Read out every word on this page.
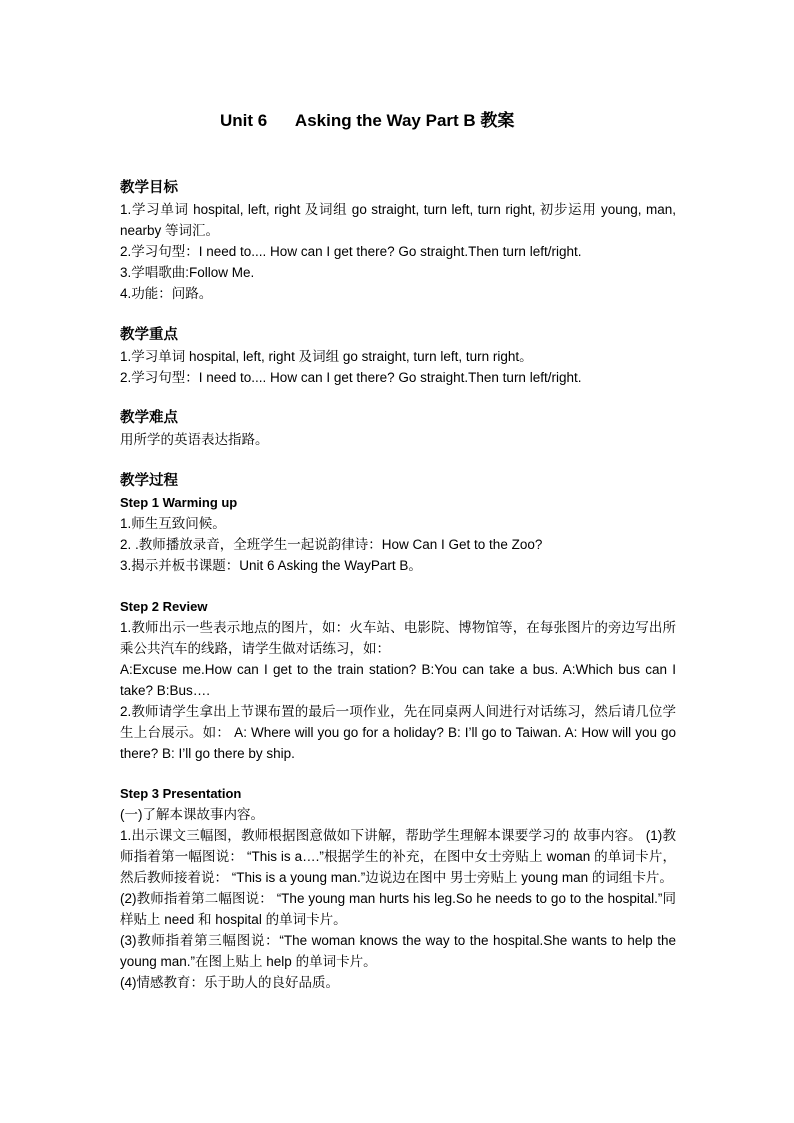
Unit 6      Asking the Way Part B 教案
教学目标
1.学习单词 hospital, left, right 及词组 go straight, turn left, turn right, 初步运用 young, man, nearby 等词汇。
2.学习句型：I need to.... How can I get there? Go straight.Then turn left/right.
3.学唱歌曲:Follow Me.
4.功能：问路。
教学重点
1.学习单词 hospital, left, right 及词组 go straight, turn left, turn right。
2.学习句型：I need to.... How can I get there? Go straight.Then turn left/right.
教学难点
用所学的英语表达指路。
教学过程
Step 1 Warming up
1.师生互致问候。
2. .教师播放录音，全班学生一起说韵律诗：How Can I Get to the Zoo?
3.揭示并板书课题：Unit 6 Asking the WayPart B。
Step 2 Review
1.教师出示一些表示地点的图片，如：火车站、电影院、博物馆等，在每张图片的旁边写出所乘公共汽车的线路，请学生做对话练习，如：
A:Excuse me.How can I get to the train station? B:You can take a bus. A:Which bus can I take? B:Bus….
2.教师请学生拿出上节课布置的最后一项作业，先在同桌两人间进行对话练习，然后请几位学生上台展示。如： A: Where will you go for a holiday? B: I’ll go to Taiwan. A: How will you go there? B: I’ll go there by ship.
Step 3 Presentation
(一)了解本课故事内容。
1.出示课文三幅图，教师根据图意做如下讲解，帮助学生理解本课要学习的 故事内容。 (1)教师指着第一幅图说： “This is a….”根据学生的补充，在图中女士旁贴上 woman 的单词卡片，然后教师接着说： “This is a young man.”边说边在图中 男士旁贴上 young man 的词组卡片。
(2)教师指着第二幅图说： “The young man hurts his leg.So he needs to go to the hospital.”同样贴上 need 和 hospital 的单词卡片。
(3)教师指着第三幅图说：“The woman knows the way to the hospital.She wants to help the young man.”在图上贴上 help 的单词卡片。
(4)情感教育：乐于助人的良好品质。
